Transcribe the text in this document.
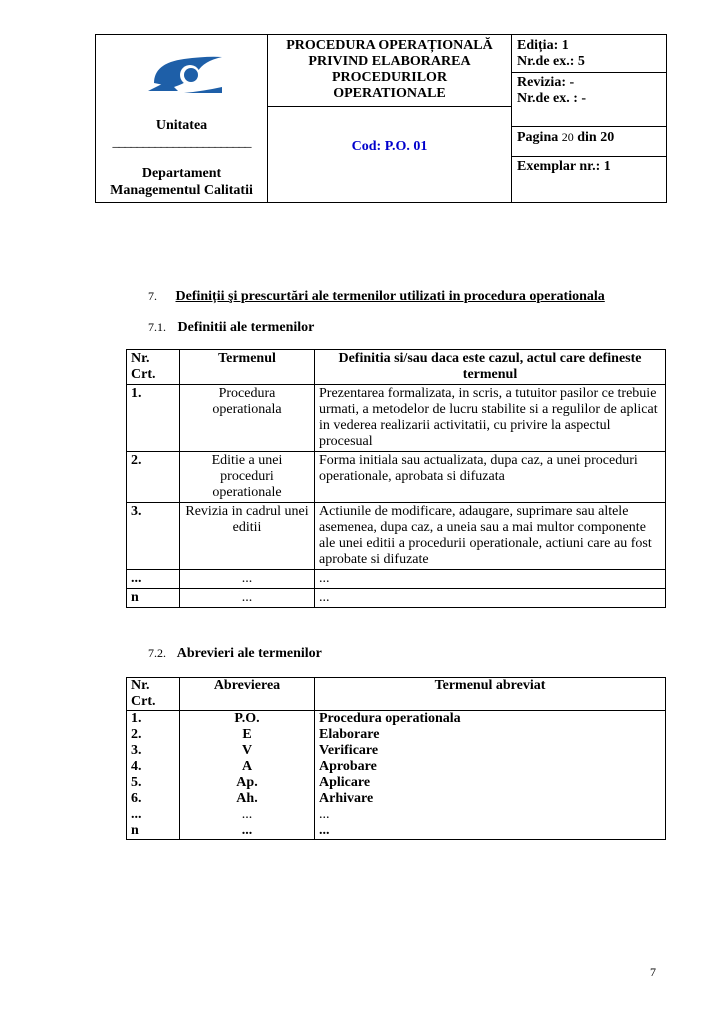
Unitatea
_______________________
Departament
Managementul Calitatii

PROCEDURA OPERAȚIONALĂ
PRIVIND ELABORAREA
PROCEDURILOR
OPERATIONALE
Cod: P.O. 01

Ediția: 1
Nr.de ex.: 5
Revizia: -
Nr.de ex. : -
Pagina 20 din 20
Exemplar nr.: 1
7. Definiții şi prescurtări ale termenilor utilizati in procedura operationala
7.1. Definitii ale termenilor
Nr. Crt.	Termenul	Definitia si/sau daca este cazul, actul care defineste termenul
1.	Procedura operationala	Prezentarea formalizata, in scris, a tutuitor pasilor ce trebuie urmati, a metodelor de lucru stabilite si a regulilor de aplicat in vederea realizarii activitatii, cu privire la aspectul procesual
2.	Editie a unei proceduri operationale	Forma initiala sau actualizata, dupa caz, a unei proceduri operationale, aprobata si difuzata
3.	Revizia in cadrul unei editii	Actiunile de modificare, adaugare, suprimare sau altele asemenea, dupa caz, a uneia sau a mai multor componente ale unei editii a procedurii operationale, actiuni care au fost aprobate si difuzate
...	...	...
n	...	...
7.2. Abrevieri ale termenilor
Nr. Crt.	Abrevierea	Termenul abreviat
1.	P.O.	Procedura operationala
2.	E	Elaborare
3.	V	Verificare
4.	A	Aprobare
5.	Ap.	Aplicare
6.	Ah.	Arhivare
...	...	...
n	...	...
7
